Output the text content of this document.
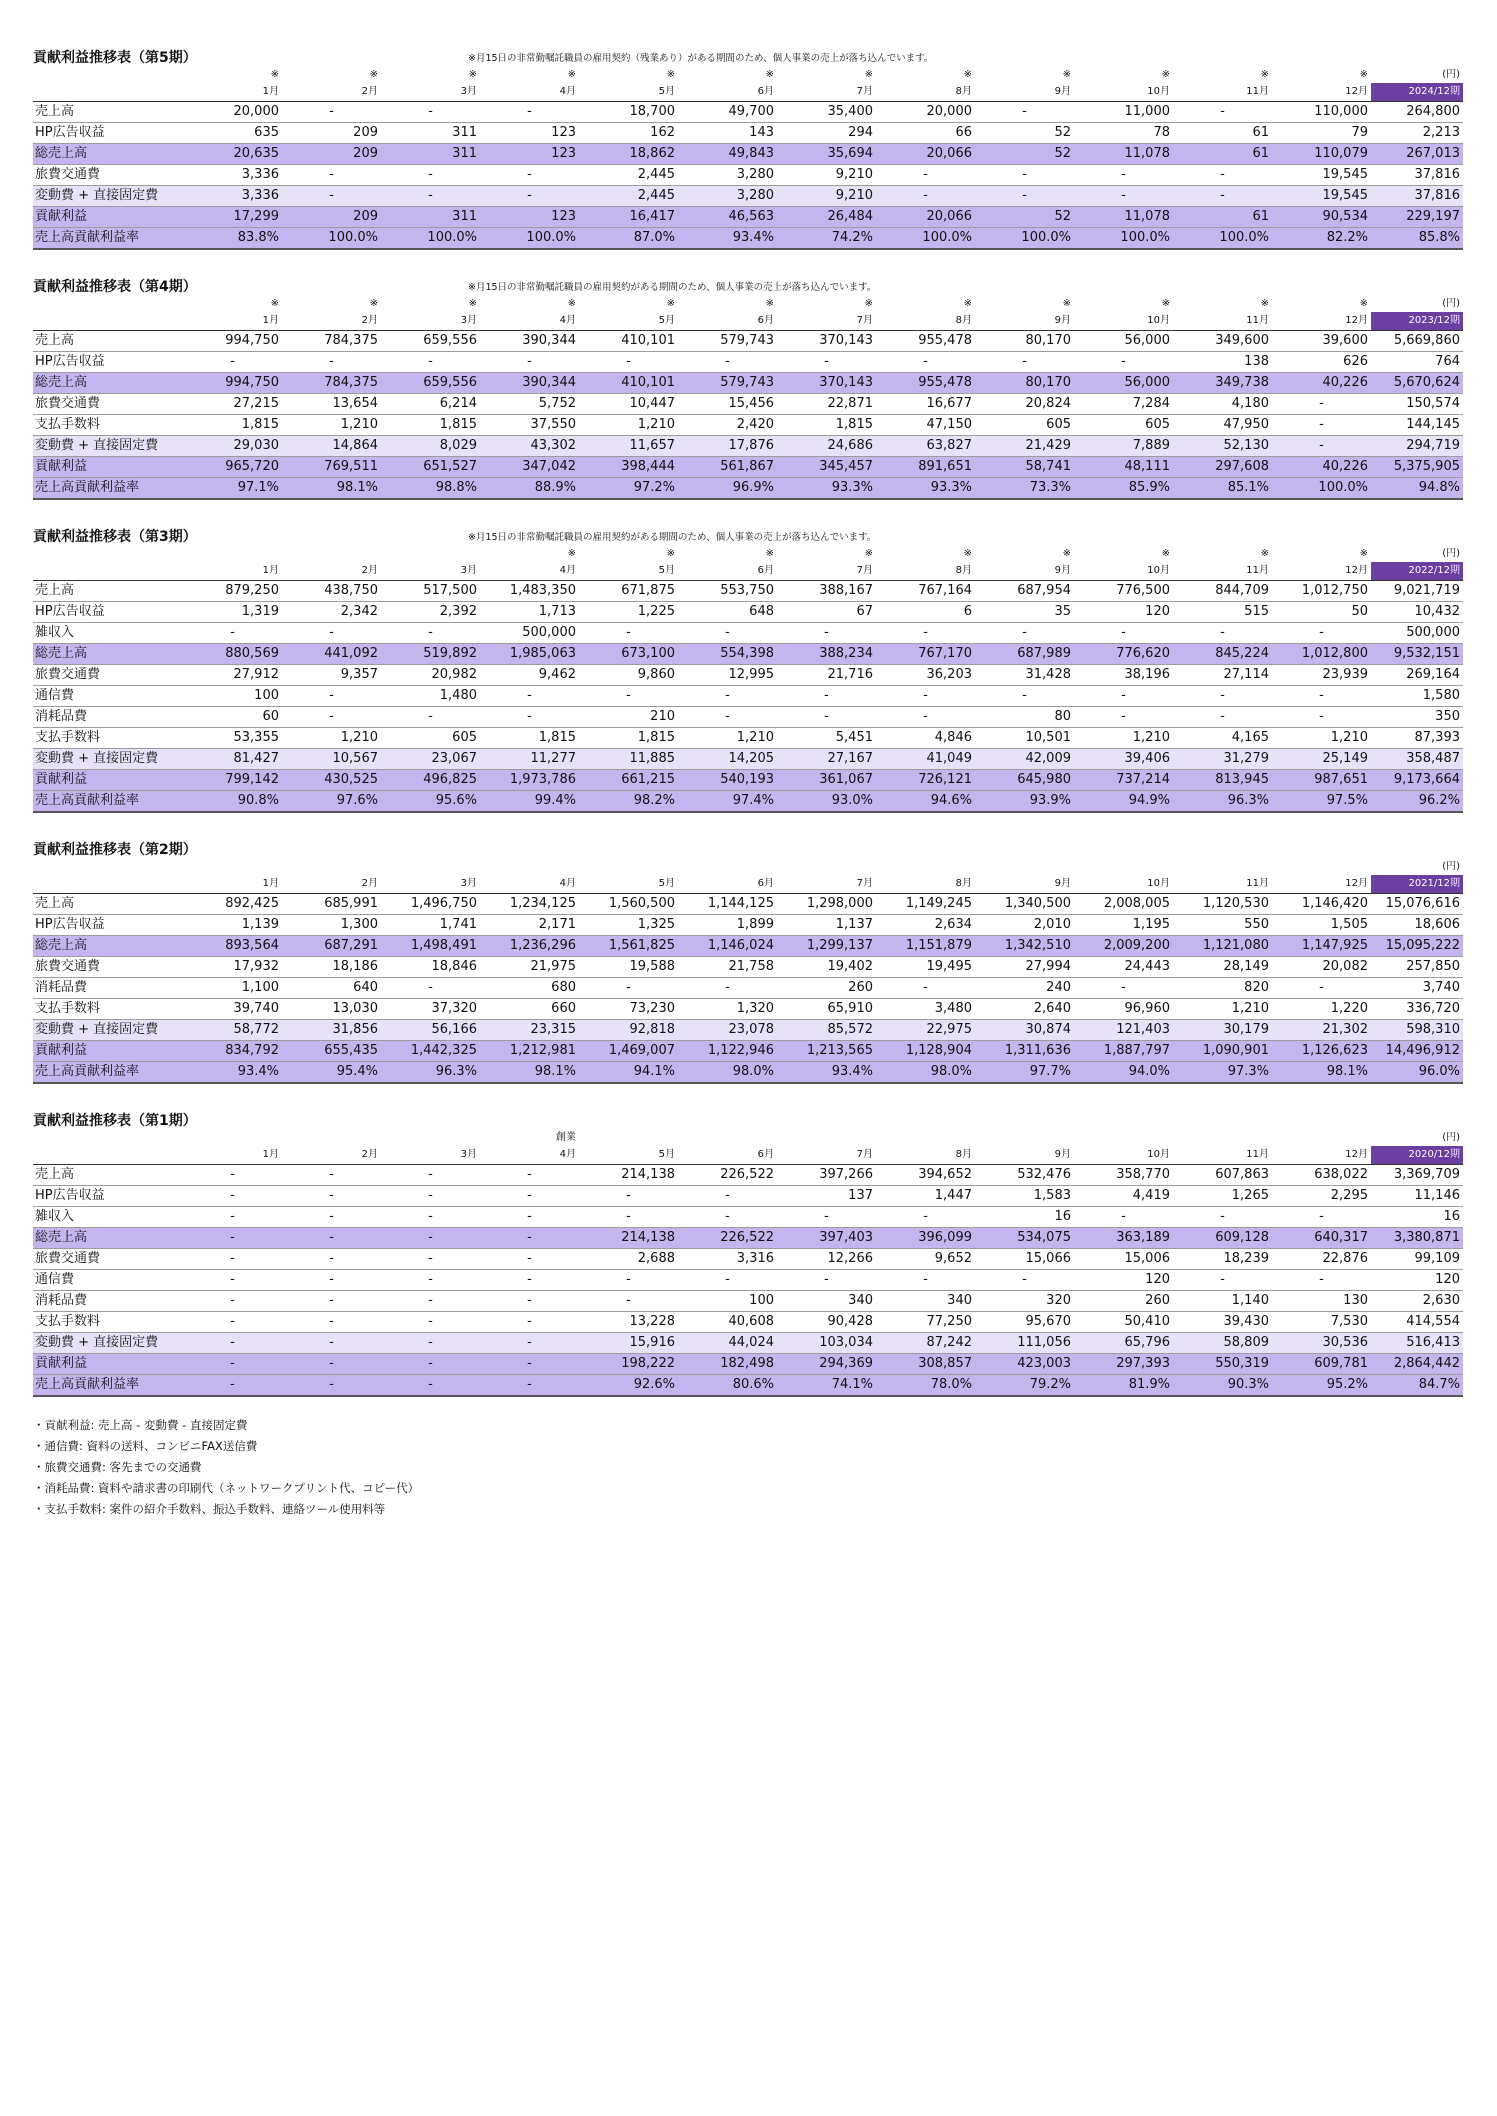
貢献利益推移表（第5期）	※月15日の非常勤嘱託職員の雇用契約（残業あり）がある期間のため、個人事業の売上が落ち込んでいます。
	※	※	※	※	※	※	※	※	※	※	※	※	(円)
	1月	2月	3月	4月	5月	6月	7月	8月	9月	10月	11月	12月	2024/12期
売上高	20,000	-	-	-	18,700	49,700	35,400	20,000	-	11,000	-	110,000	264,800
HP広告収益	635	209	311	123	162	143	294	66	52	78	61	79	2,213
総売上高	20,635	209	311	123	18,862	49,843	35,694	20,066	52	11,078	61	110,079	267,013
旅費交通費	3,336	-	-	-	2,445	3,280	9,210	-	-	-	-	19,545	37,816
変動費 + 直接固定費	3,336	-	-	-	2,445	3,280	9,210	-	-	-	-	19,545	37,816
貢献利益	17,299	209	311	123	16,417	46,563	26,484	20,066	52	11,078	61	90,534	229,197
売上高貢献利益率	83.8%	100.0%	100.0%	100.0%	87.0%	93.4%	74.2%	100.0%	100.0%	100.0%	100.0%	82.2%	85.8%
貢献利益推移表（第4期）	※月15日の非常勤嘱託職員の雇用契約がある期間のため、個人事業の売上が落ち込んでいます。
	※	※	※	※	※	※	※	※	※	※	※	※	(円)
	1月	2月	3月	4月	5月	6月	7月	8月	9月	10月	11月	12月	2023/12期
売上高	994,750	784,375	659,556	390,344	410,101	579,743	370,143	955,478	80,170	56,000	349,600	39,600	5,669,860
HP広告収益	-	-	-	-	-	-	-	-	-	-	138	626	764
総売上高	994,750	784,375	659,556	390,344	410,101	579,743	370,143	955,478	80,170	56,000	349,738	40,226	5,670,624
旅費交通費	27,215	13,654	6,214	5,752	10,447	15,456	22,871	16,677	20,824	7,284	4,180	-	150,574
支払手数料	1,815	1,210	1,815	37,550	1,210	2,420	1,815	47,150	605	605	47,950	-	144,145
変動費 + 直接固定費	29,030	14,864	8,029	43,302	11,657	17,876	24,686	63,827	21,429	7,889	52,130	-	294,719
貢献利益	965,720	769,511	651,527	347,042	398,444	561,867	345,457	891,651	58,741	48,111	297,608	40,226	5,375,905
売上高貢献利益率	97.1%	98.1%	98.8%	88.9%	97.2%	96.9%	93.3%	93.3%	73.3%	85.9%	85.1%	100.0%	94.8%
貢献利益推移表（第3期）	※月15日の非常勤嘱託職員の雇用契約がある期間のため、個人事業の売上が落ち込んでいます。
				※	※	※	※	※	※	※	※	※	(円)
	1月	2月	3月	4月	5月	6月	7月	8月	9月	10月	11月	12月	2022/12期
売上高	879,250	438,750	517,500	1,483,350	671,875	553,750	388,167	767,164	687,954	776,500	844,709	1,012,750	9,021,719
HP広告収益	1,319	2,342	2,392	1,713	1,225	648	67	6	35	120	515	50	10,432
雑収入	-	-	-	500,000	-	-	-	-	-	-	-	-	500,000
総売上高	880,569	441,092	519,892	1,985,063	673,100	554,398	388,234	767,170	687,989	776,620	845,224	1,012,800	9,532,151
旅費交通費	27,912	9,357	20,982	9,462	9,860	12,995	21,716	36,203	31,428	38,196	27,114	23,939	269,164
通信費	100	-	1,480	-	-	-	-	-	-	-	-	-	1,580
消耗品費	60	-	-	-	210	-	-	-	80	-	-	-	350
支払手数料	53,355	1,210	605	1,815	1,815	1,210	5,451	4,846	10,501	1,210	4,165	1,210	87,393
変動費 + 直接固定費	81,427	10,567	23,067	11,277	11,885	14,205	27,167	41,049	42,009	39,406	31,279	25,149	358,487
貢献利益	799,142	430,525	496,825	1,973,786	661,215	540,193	361,067	726,121	645,980	737,214	813,945	987,651	9,173,664
売上高貢献利益率	90.8%	97.6%	95.6%	99.4%	98.2%	97.4%	93.0%	94.6%	93.9%	94.9%	96.3%	97.5%	96.2%
貢献利益推移表（第2期）
													(円)
	1月	2月	3月	4月	5月	6月	7月	8月	9月	10月	11月	12月	2021/12期
売上高	892,425	685,991	1,496,750	1,234,125	1,560,500	1,144,125	1,298,000	1,149,245	1,340,500	2,008,005	1,120,530	1,146,420	15,076,616
HP広告収益	1,139	1,300	1,741	2,171	1,325	1,899	1,137	2,634	2,010	1,195	550	1,505	18,606
総売上高	893,564	687,291	1,498,491	1,236,296	1,561,825	1,146,024	1,299,137	1,151,879	1,342,510	2,009,200	1,121,080	1,147,925	15,095,222
旅費交通費	17,932	18,186	18,846	21,975	19,588	21,758	19,402	19,495	27,994	24,443	28,149	20,082	257,850
消耗品費	1,100	640	-	680	-	-	260	-	240	-	820	-	3,740
支払手数料	39,740	13,030	37,320	660	73,230	1,320	65,910	3,480	2,640	96,960	1,210	1,220	336,720
変動費 + 直接固定費	58,772	31,856	56,166	23,315	92,818	23,078	85,572	22,975	30,874	121,403	30,179	21,302	598,310
貢献利益	834,792	655,435	1,442,325	1,212,981	1,469,007	1,122,946	1,213,565	1,128,904	1,311,636	1,887,797	1,090,901	1,126,623	14,496,912
売上高貢献利益率	93.4%	95.4%	96.3%	98.1%	94.1%	98.0%	93.4%	98.0%	97.7%	94.0%	97.3%	98.1%	96.0%
貢献利益推移表（第1期）
				創業									(円)
	1月	2月	3月	4月	5月	6月	7月	8月	9月	10月	11月	12月	2020/12期
売上高	-	-	-	-	214,138	226,522	397,266	394,652	532,476	358,770	607,863	638,022	3,369,709
HP広告収益	-	-	-	-	-	-	137	1,447	1,583	4,419	1,265	2,295	11,146
雑収入	-	-	-	-	-	-	-	-	16	-	-	-	16
総売上高	-	-	-	-	214,138	226,522	397,403	396,099	534,075	363,189	609,128	640,317	3,380,871
旅費交通費	-	-	-	-	2,688	3,316	12,266	9,652	15,066	15,006	18,239	22,876	99,109
通信費	-	-	-	-	-	-	-	-	-	120	-	-	120
消耗品費	-	-	-	-	-	100	340	340	320	260	1,140	130	2,630
支払手数料	-	-	-	-	13,228	40,608	90,428	77,250	95,670	50,410	39,430	7,530	414,554
変動費 + 直接固定費	-	-	-	-	15,916	44,024	103,034	87,242	111,056	65,796	58,809	30,536	516,413
貢献利益	-	-	-	-	198,222	182,498	294,369	308,857	423,003	297,393	550,319	609,781	2,864,442
売上高貢献利益率	-	-	-	-	92.6%	80.6%	74.1%	78.0%	79.2%	81.9%	90.3%	95.2%	84.7%
・貢献利益: 売上高 - 変動費 - 直接固定費
・通信費: 資料の送料、コンビニFAX送信費
・旅費交通費: 客先までの交通費
・消耗品費: 資料や請求書の印刷代（ネットワークプリント代、コピー代）
・支払手数料: 案件の紹介手数料、振込手数料、連絡ツール使用料等
